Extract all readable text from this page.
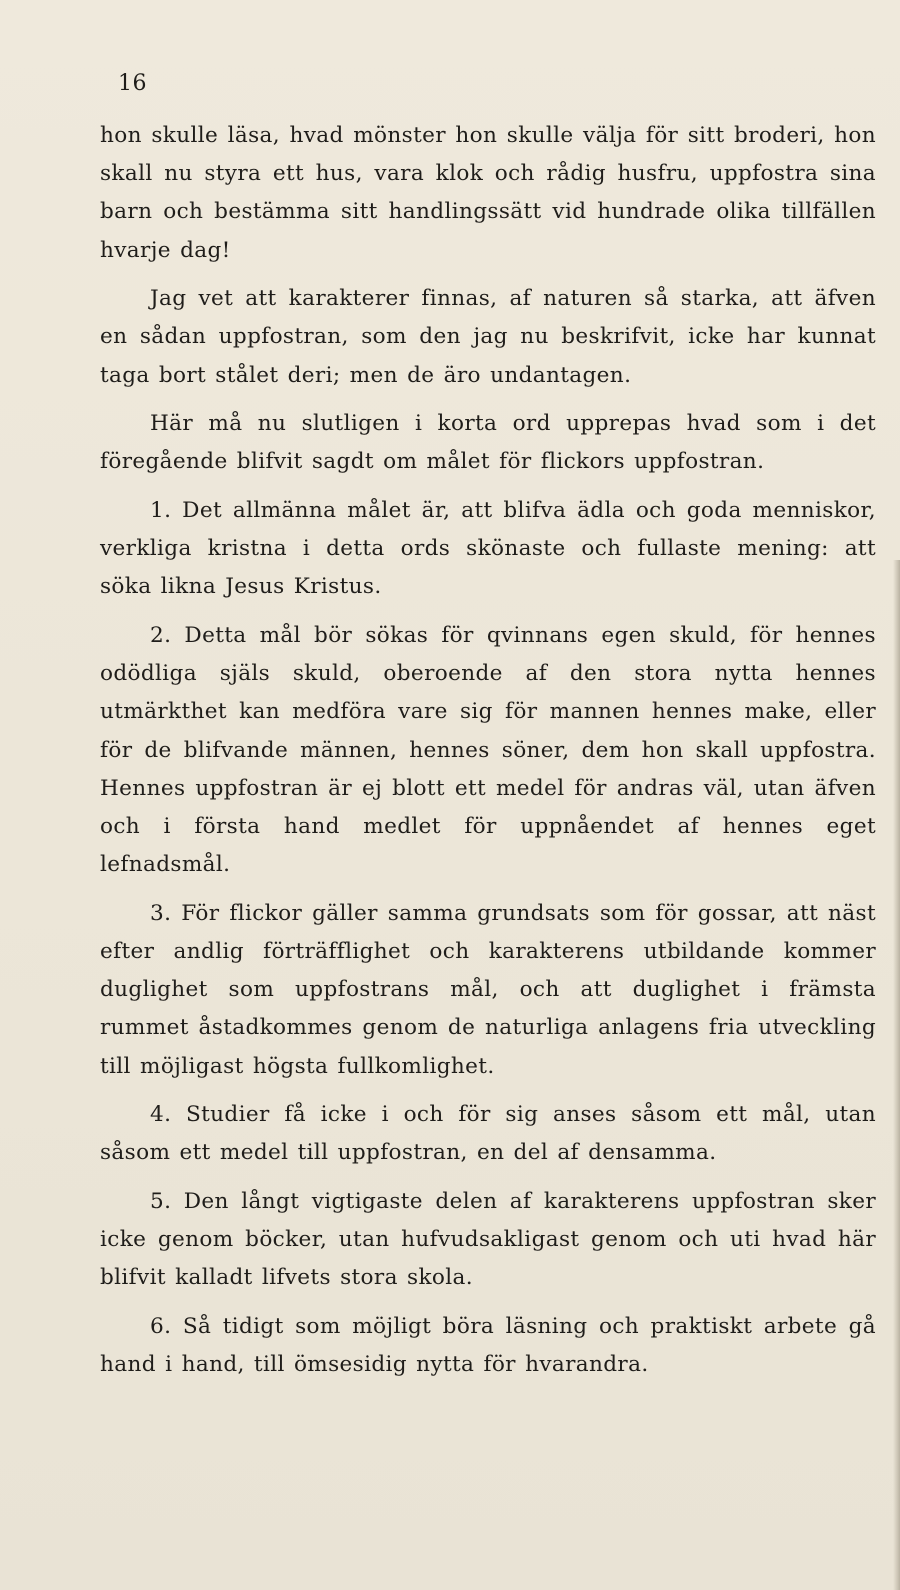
16

hon skulle läsa, hvad mönster hon skulle välja för sitt broderi, hon skall nu styra ett hus, vara klok och rådig husfru, uppfostra sina barn och bestämma sitt handlingssätt vid hundrade olika tillfällen hvarje dag!

Jag vet att karakterer finnas, af naturen så starka, att äfven en sådan uppfostran, som den jag nu beskrifvit, icke har kunnat taga bort stålet deri; men de äro undantagen.

Här må nu slutligen i korta ord upprepas hvad som i det föregående blifvit sagdt om målet för flickors uppfostran.

1. Det allmänna målet är, att blifva ädla och goda menniskor, verkliga kristna i detta ords skönaste och fullaste mening: att söka likna Jesus Kristus.

2. Detta mål bör sökas för qvinnans egen skuld, för hennes odödliga själs skuld, oberoende af den stora nytta hennes utmärkthet kan medföra vare sig för mannen hennes make, eller för de blifvande männen, hennes söner, dem hon skall uppfostra. Hennes uppfostran är ej blott ett medel för andras väl, utan äfven och i första hand medlet för uppnåendet af hennes eget lefnadsmål.

3. För flickor gäller samma grundsats som för gossar, att näst efter andlig förträfflighet och karakterens utbildande kommer duglighet som uppfostrans mål, och att duglighet i främsta rummet åstadkommes genom de naturliga anlagens fria utveckling till möjligast högsta fullkomlighet.

4. Studier få icke i och för sig anses såsom ett mål, utan såsom ett medel till uppfostran, en del af densamma.

5. Den långt vigtigaste delen af karakterens uppfostran sker icke genom böcker, utan hufvudsakligast genom och uti hvad här blifvit kalladt lifvets stora skola.

6. Så tidigt som möjligt böra läsning och praktiskt arbete gå hand i hand, till ömsesidig nytta för hvarandra.
